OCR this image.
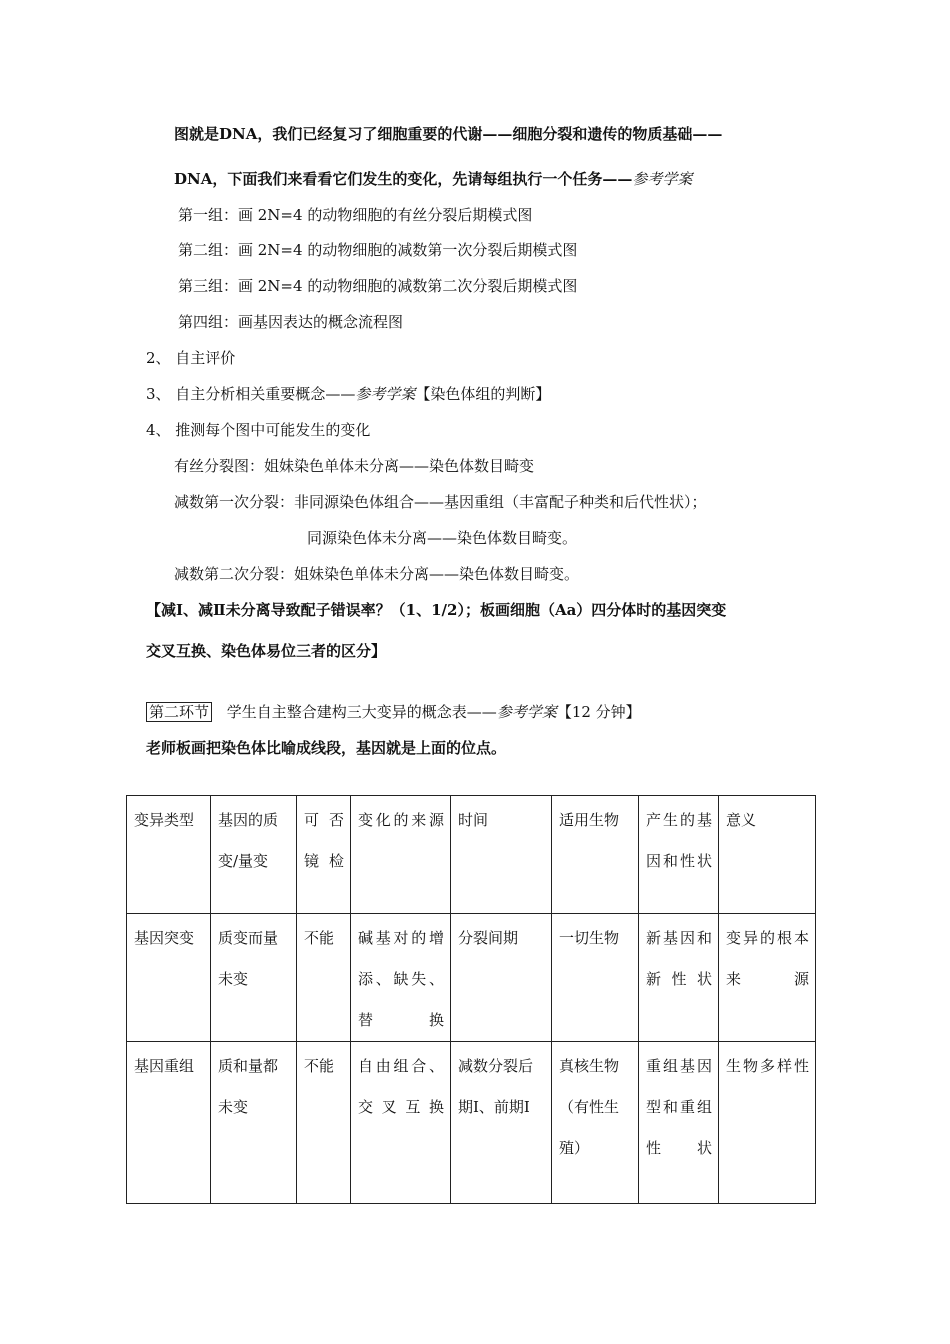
图就是DNA，我们已经复习了细胞重要的代谢——细胞分裂和遗传的物质基础——
DNA，下面我们来看看它们发生的变化，先请每组执行一个任务——参考学案
第一组：画 2N=4 的动物细胞的有丝分裂后期模式图
第二组：画 2N=4 的动物细胞的减数第一次分裂后期模式图
第三组：画 2N=4 的动物细胞的减数第二次分裂后期模式图
第四组：画基因表达的概念流程图
2、 自主评价
3、 自主分析相关重要概念——参考学案【染色体组的判断】
4、 推测每个图中可能发生的变化
有丝分裂图：姐妹染色单体未分离——染色体数目畸变
减数第一次分裂：非同源染色体组合——基因重组（丰富配子种类和后代性状）；
同源染色体未分离——染色体数目畸变。
减数第二次分裂：姐妹染色单体未分离——染色体数目畸变。
【减Ⅰ、减Ⅱ未分离导致配子错误率？（1、1/2）；板画细胞（Aa）四分体时的基因突变
交叉互换、染色体易位三者的区分】
第二环节 学生自主整合建构三大变异的概念表——参考学案【12 分钟】
老师板画把染色体比喻成线段，基因就是上面的位点。
变异类型	基因的质变/量变	可否镜检	变化的来源	时间	适用生物	产生的基因和性状	意义
基因突变	质变而量未变	不能	碱基对的增添、缺失、替换	分裂间期	一切生物	新基因和新性状	变异的根本来源
基因重组	质和量都未变	不能	自由组合、交叉互换	减数分裂后期Ⅰ、前期Ⅰ	真核生物（有性生殖）	重组基因型和重组性状	生物多样性
